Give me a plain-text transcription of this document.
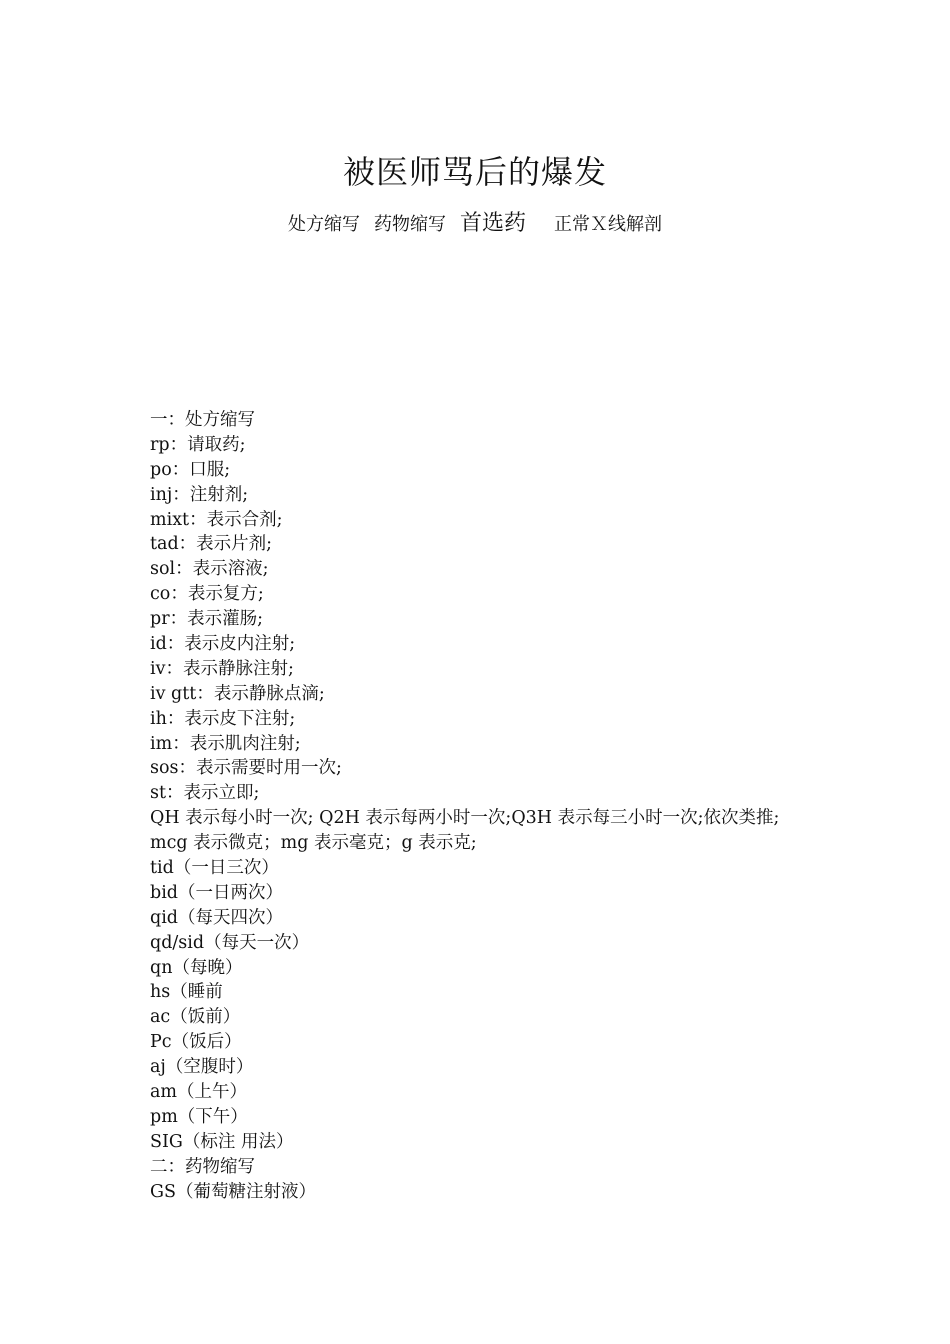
被医师骂后的爆发
处方缩写 药物缩写 首选药 正常Ｘ线解剖
一：处方缩写
rp：请取药;
po：口服;
inj：注射剂;
mixt：表示合剂;
tad：表示片剂;
sol：表示溶液;
co：表示复方;
pr：表示灌肠;
id：表示皮内注射;
iv：表示静脉注射;
iv gtt：表示静脉点滴;
ih：表示皮下注射;
im：表示肌肉注射;
sos：表示需要时用一次;
st：表示立即;
QH 表示每小时一次; Q2H 表示每两小时一次;Q3H 表示每三小时一次;依次类推;
mcg 表示微克；mg 表示毫克；g 表示克;
tid（一日三次）
bid（一日两次）
qid（每天四次）
qd/sid（每天一次）
qn（每晚）
hs（睡前
ac（饭前）
Pc（饭后）
aj（空腹时）
am（上午）
pm（下午）
SIG（标注 用法）
二：药物缩写
GS（葡萄糖注射液）
